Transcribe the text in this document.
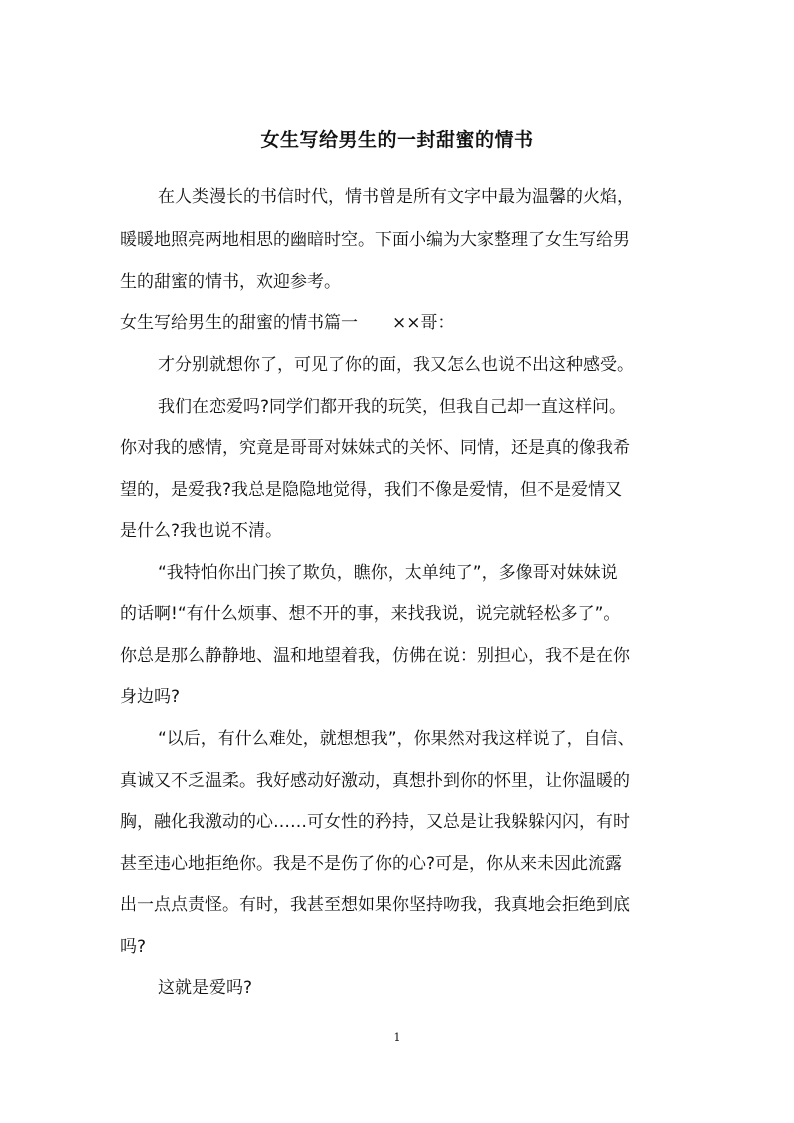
女生写给男生的一封甜蜜的情书
在人类漫长的书信时代，情书曾是所有文字中最为温馨的火焰，
暖暖地照亮两地相思的幽暗时空。下面小编为大家整理了女生写给男
生的甜蜜的情书，欢迎参考。
女生写给男生的甜蜜的情书篇一　　××哥：
才分别就想你了，可见了你的面，我又怎么也说不出这种感受。
我们在恋爱吗?同学们都开我的玩笑，但我自己却一直这样问。
你对我的感情，究竟是哥哥对妹妹式的关怀、同情，还是真的像我希
望的，是爱我?我总是隐隐地觉得，我们不像是爱情，但不是爱情又
是什么?我也说不清。
“我特怕你出门挨了欺负，瞧你，太单纯了”，多像哥对妹妹说
的话啊!“有什么烦事、想不开的事，来找我说，说完就轻松多了”。
你总是那么静静地、温和地望着我，仿佛在说：别担心，我不是在你
身边吗?
“以后，有什么难处，就想想我”，你果然对我这样说了，自信、
真诚又不乏温柔。我好感动好激动，真想扑到你的怀里，让你温暖的
胸，融化我激动的心……可女性的矜持，又总是让我躲躲闪闪，有时
甚至违心地拒绝你。我是不是伤了你的心?可是，你从来未因此流露
出一点点责怪。有时，我甚至想如果你坚持吻我，我真地会拒绝到底
吗?
这就是爱吗?
1
